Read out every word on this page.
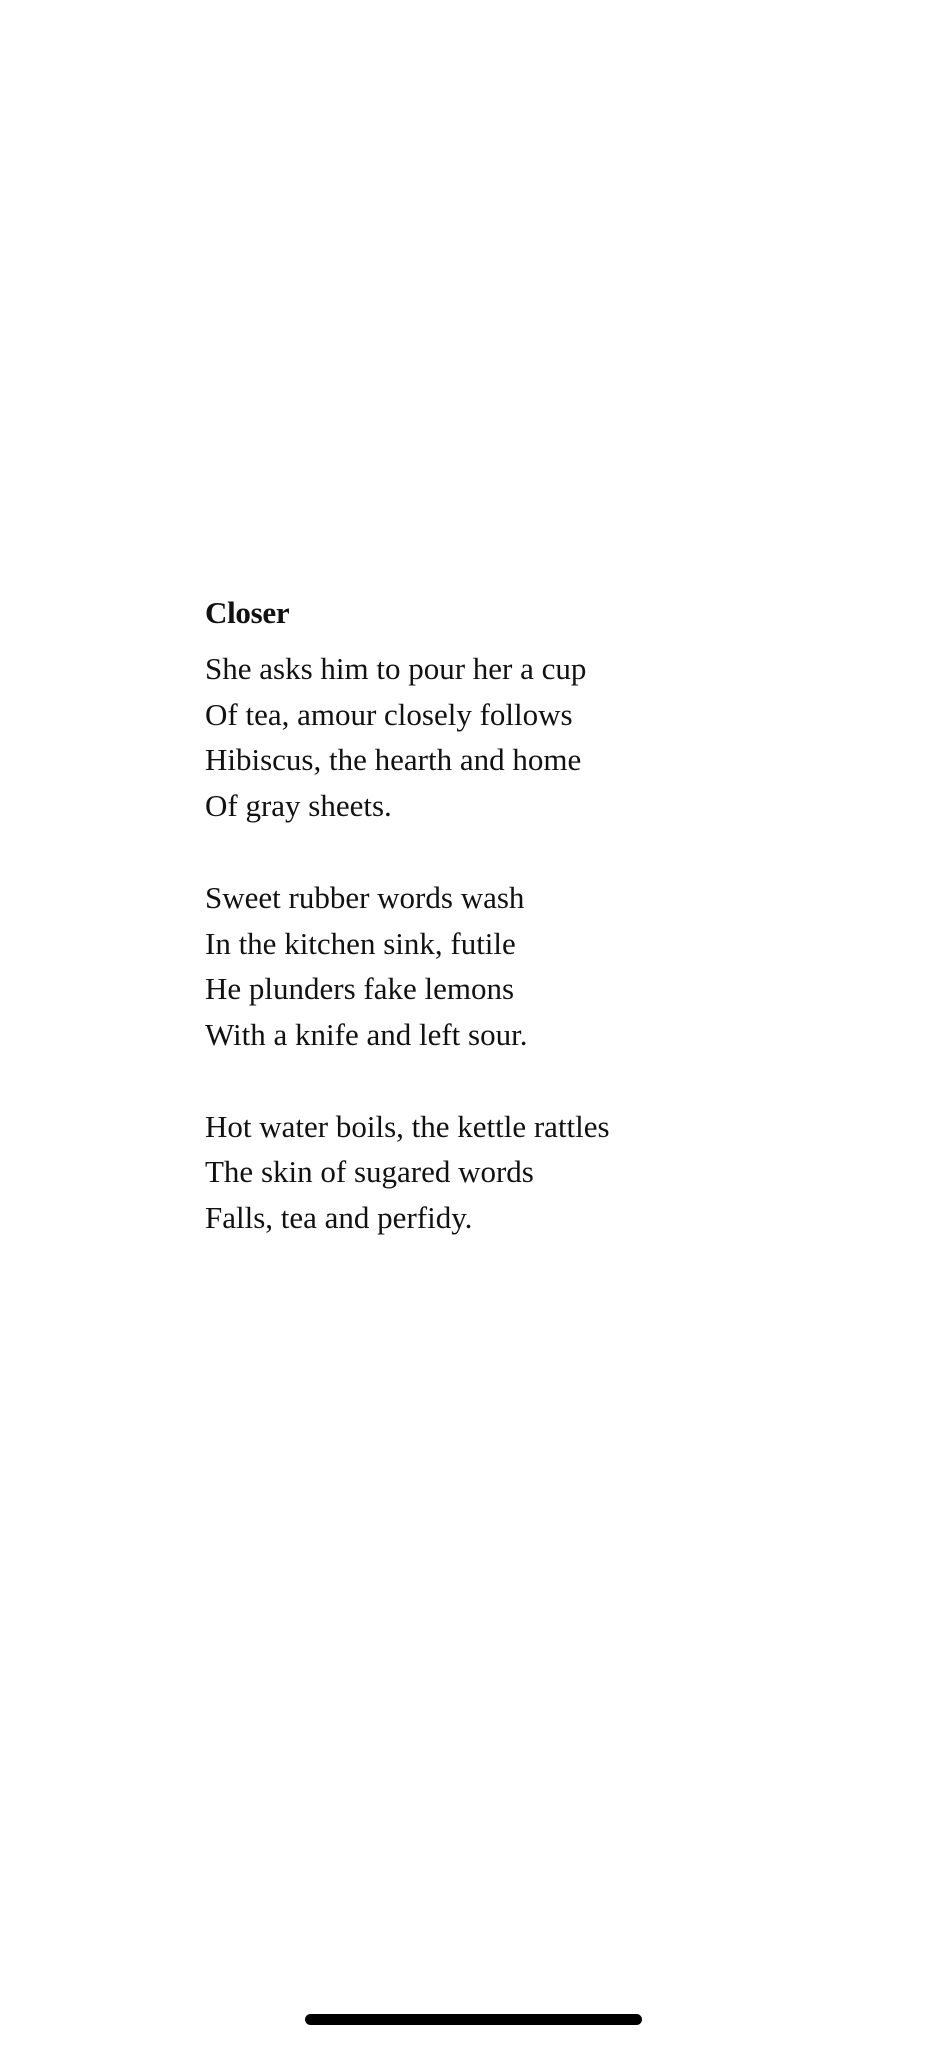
Closer
She asks him to pour her a cup
Of tea, amour closely follows
Hibiscus, the hearth and home
Of gray sheets.
Sweet rubber words wash
In the kitchen sink, futile
He plunders fake lemons
With a knife and left sour.
Hot water boils, the kettle rattles
The skin of sugared words
Falls, tea and perfidy.
